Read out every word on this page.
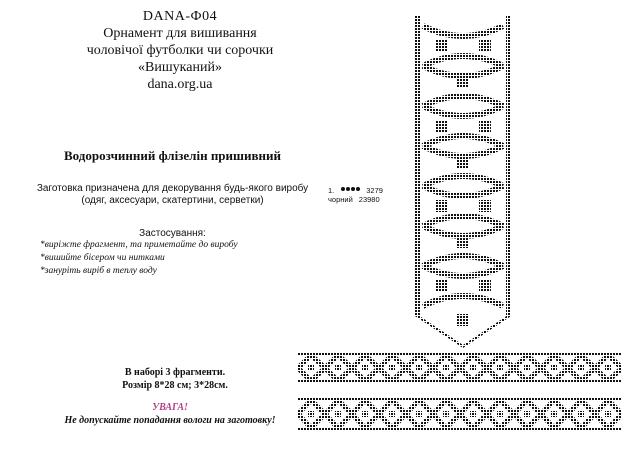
DANA-Ф04
Орнамент для вишивання
чоловічої футболки чи сорочки
«Вишуканий»
dana.org.ua
Водорозчинний флізелін пришивний
Заготовка призначена для декорування будь-якого виробу
(одяг, аксесуари, скатертини, серветки)
Застосування:
*виріжте фрагмент, та приметайте до виробу
*вишийте бісером чи нитками
*зануріть виріб в теплу воду
1.	3279
чорний 23980
В наборі 3 фрагменти.
Розмір 8*28 см; 3*28см.
УВАГА!
Не допускайте попадання вологи на заготовку!
